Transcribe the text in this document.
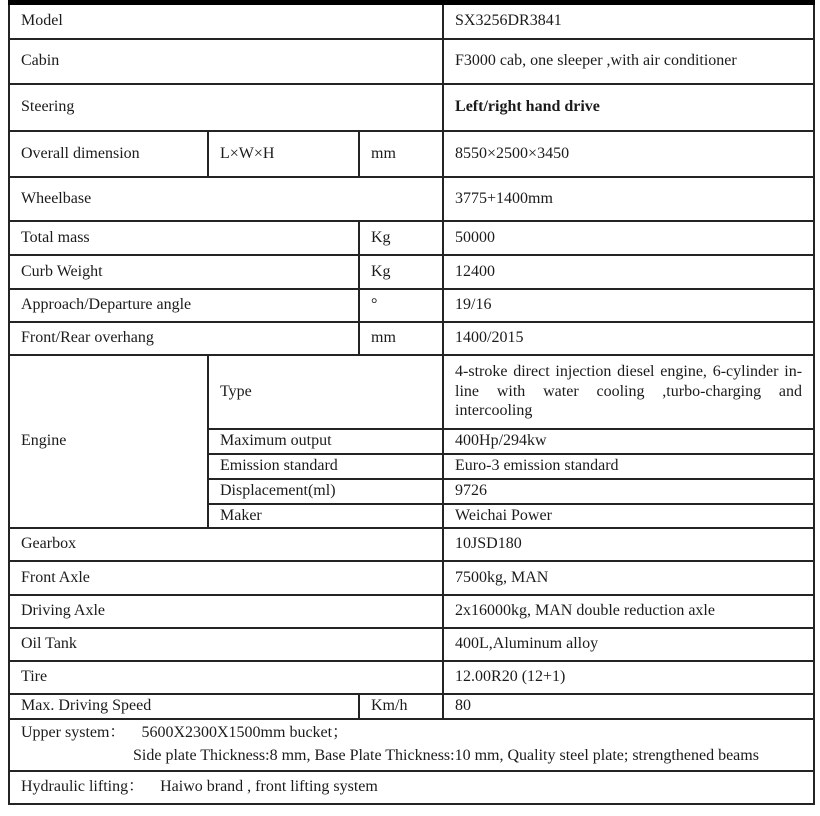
Model			SX3256DR3841
Cabin			F3000 cab, one sleeper ,with air conditioner
Steering			Left/right hand drive
Overall dimension	L×W×H	mm	8550×2500×3450
Wheelbase			3775+1400mm
Total mass		Kg	50000
Curb Weight		Kg	12400
Approach/Departure angle		°	19/16
Front/Rear overhang		mm	1400/2015
Engine	Type		4-stroke direct injection diesel engine, 6-cylinder in-line with water cooling ,turbo-charging and intercooling
	Maximum output		400Hp/294kw
	Emission standard		Euro-3 emission standard
	Displacement(ml)		9726
	Maker		Weichai Power
Gearbox			10JSD180
Front Axle			7500kg, MAN
Driving Axle			2x16000kg, MAN double reduction axle
Oil Tank			400L,Aluminum alloy
Tire			12.00R20 (12+1)
Max. Driving Speed		Km/h	80

Upper system： 5600X2300X1500mm bucket；
Side plate Thickness:8 mm, Base Plate Thickness:10 mm, Quality steel plate; strengthened beams			

Hydraulic lifting： Haiwo brand , front lifting system			
